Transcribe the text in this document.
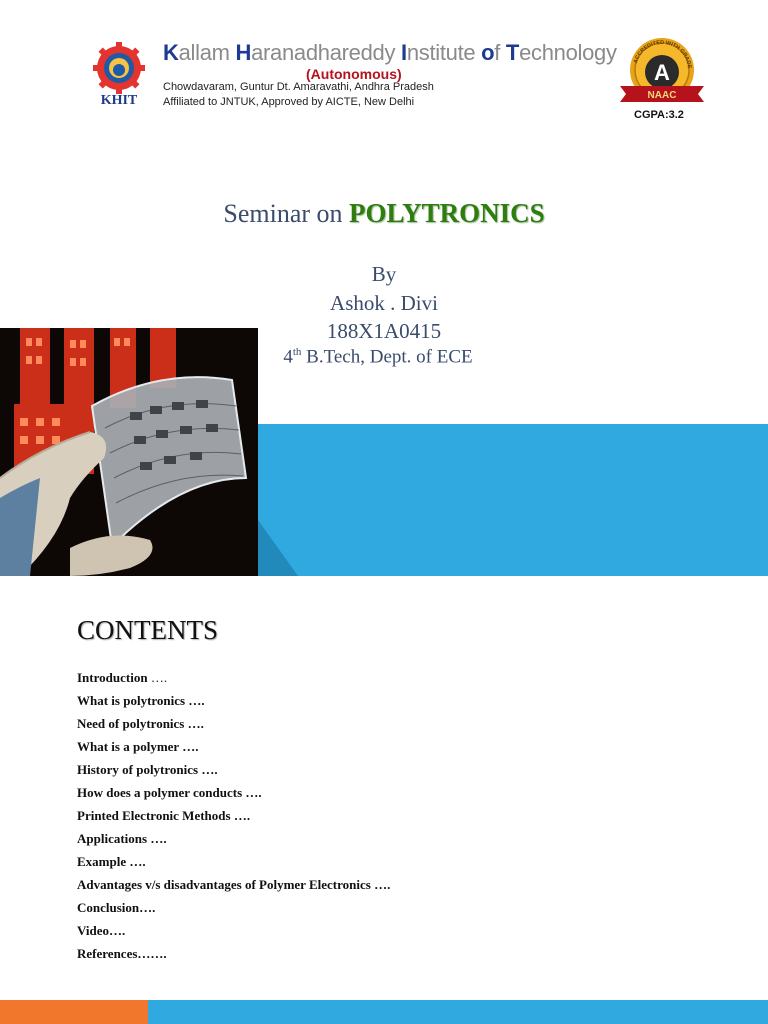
KHIT
Kallam Haranadhareddy Institute of Technology
(Autonomous)
Chowdavaram, Guntur Dt. Amaravathi, Andhra Pradesh
Affiliated to JNTUK, Approved by AICTE, New Delhi
ACCREDITED WITH GRADE
A
NAAC
CGPA:3.2
Seminar on POLYTRONICS
By
Ashok . Divi
188X1A0415
4th B.Tech, Dept. of ECE
CONTENTS
Introduction ….
What is polytronics ….
Need of polytronics ….
What is a polymer ….
History of polytronics ….
How does a polymer conducts ….
Printed Electronic Methods ….
Applications ….
Example ….
Advantages v/s disadvantages of Polymer Electronics ….
Conclusion….
Video….
References…….
